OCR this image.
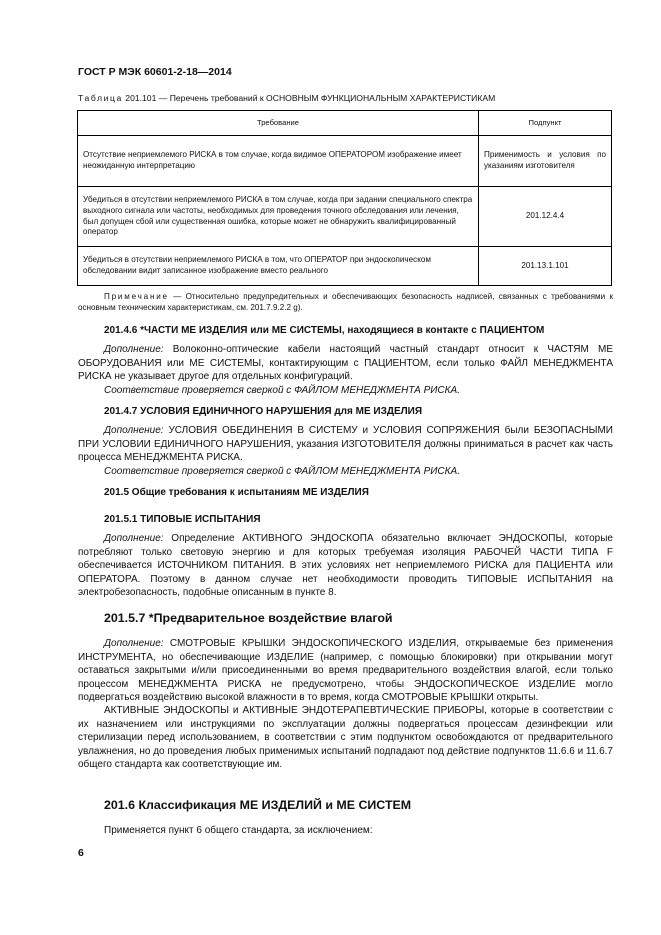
ГОСТ Р МЭК 60601-2-18—2014
Таблица 201.101 — Перечень требований к ОСНОВНЫМ ФУНКЦИОНАЛЬНЫМ ХАРАКТЕРИСТИКАМ
Требование	Подпункт
Отсутствие неприемлемого РИСКА в том случае, когда видимое ОПЕРАТОРОМ изображение имеет неожиданную интерпретацию	Применимость и условия по указаниям изготовителя
Убедиться в отсутствии неприемлемого РИСКА в том случае, когда при задании специального спектра выходного сигнала или частоты, необходимых для проведения точного обследования или лечения, был допущен сбой или существенная ошибка, которые может не обнаружить квалифицированный оператор	201.12.4.4
Убедиться в отсутствии неприемлемого РИСКА в том, что ОПЕРАТОР при эндоскопическом обследовании видит записанное изображение вместо реального	201.13.1.101
Примечание — Относительно предупредительных и обеспечивающих безопасность надписей, связанных с требованиями к основным техническим характеристикам, см. 201.7.9.2.2 g).
201.4.6 *ЧАСТИ МЕ ИЗДЕЛИЯ или МЕ СИСТЕМЫ, находящиеся в контакте с ПАЦИЕНТОМ
Дополнение: Волоконно-оптические кабели настоящий частный стандарт относит к ЧАСТЯМ МЕ ОБОРУДОВАНИЯ или МЕ СИСТЕМЫ, контактирующим с ПАЦИЕНТОМ, если только ФАЙЛ МЕНЕДЖМЕНТА РИСКА не указывает другое для отдельных конфигураций.
Соответствие проверяется сверкой с ФАЙЛОМ МЕНЕДЖМЕНТА РИСКА.
201.4.7 УСЛОВИЯ ЕДИНИЧНОГО НАРУШЕНИЯ для МЕ ИЗДЕЛИЯ
Дополнение: УСЛОВИЯ ОБЕДИНЕНИЯ В СИСТЕМУ и УСЛОВИЯ СОПРЯЖЕНИЯ были БЕЗОПАСНЫМИ ПРИ УСЛОВИИ ЕДИНИЧНОГО НАРУШЕНИЯ, указания ИЗГОТОВИТЕЛЯ должны приниматься в расчет как часть процесса МЕНЕДЖМЕНТА РИСКА.
Соответствие проверяется сверкой с ФАЙЛОМ МЕНЕДЖМЕНТА РИСКА.
201.5 Общие требования к испытаниям МЕ ИЗДЕЛИЯ
201.5.1 ТИПОВЫЕ ИСПЫТАНИЯ
Дополнение: Определение АКТИВНОГО ЭНДОСКОПА обязательно включает ЭНДОСКОПЫ, которые потребляют только световую энергию и для которых требуемая изоляция РАБОЧЕЙ ЧАСТИ ТИПА F обеспечивается ИСТОЧНИКОМ ПИТАНИЯ. В этих условиях нет неприемлемого РИСКА для ПАЦИЕНТА или ОПЕРАТОРА. Поэтому в данном случае нет необходимости проводить ТИПОВЫЕ ИСПЫТАНИЯ на электробезопасность, подобные описанным в пункте 8.
201.5.7 *Предварительное воздействие влагой
Дополнение: СМОТРОВЫЕ КРЫШКИ ЭНДОСКОПИЧЕСКОГО ИЗДЕЛИЯ, открываемые без применения ИНСТРУМЕНТА, но обеспечивающие ИЗДЕЛИЕ (например, с помощью блокировки) при открывании могут оставаться закрытыми и/или присоединенными во время предварительного воздействия влагой, если только процессом МЕНЕДЖМЕНТА РИСКА не предусмотрено, чтобы ЭНДОСКОПИЧЕСКОЕ ИЗДЕЛИЕ могло подвергаться воздействию высокой влажности в то время, когда СМОТРОВЫЕ КРЫШКИ открыты.
АКТИВНЫЕ ЭНДОСКОПЫ и АКТИВНЫЕ ЭНДОТЕРАПЕВТИЧЕСКИЕ ПРИБОРЫ, которые в соответствии с их назначением или инструкциями по эксплуатации должны подвергаться процессам дезинфекции или стерилизации перед использованием, в соответствии с этим подпунктом освобождаются от предварительного увлажнения, но до проведения любых применимых испытаний подпадают под действие подпунктов 11.6.6 и 11.6.7 общего стандарта как соответствующие им.
201.6 Классификация МЕ ИЗДЕЛИЙ и МЕ СИСТЕМ
Применяется пункт 6 общего стандарта, за исключением:
6
